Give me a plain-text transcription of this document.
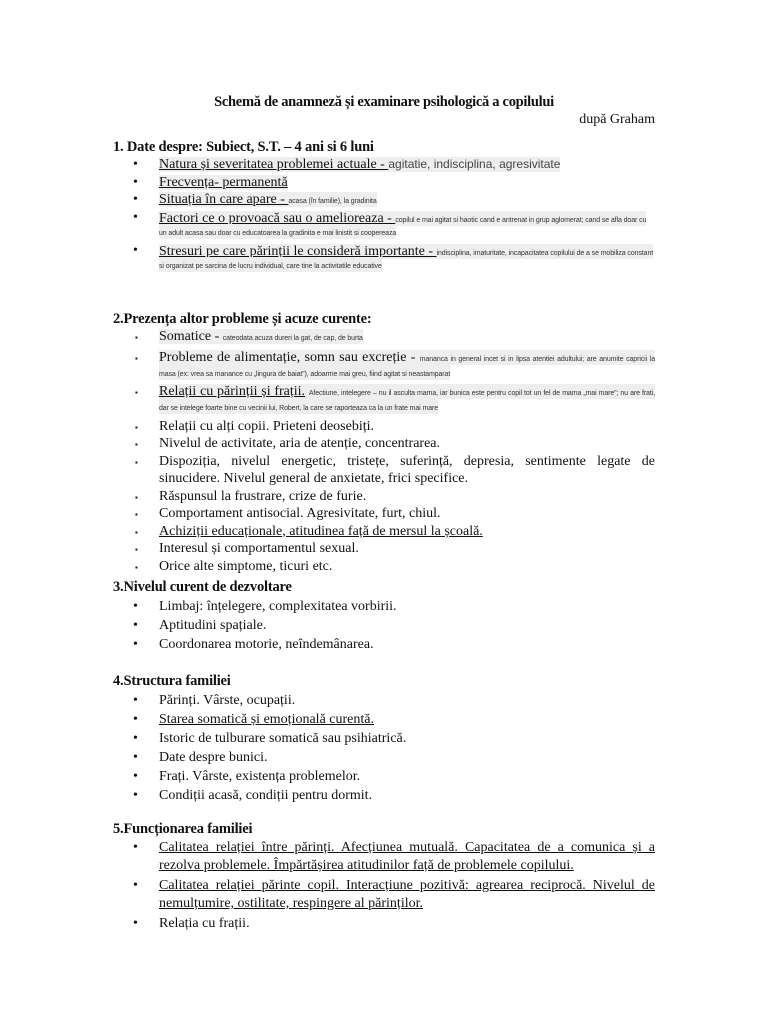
Schemă de anamneză și examinare psihologică a copilului
după Graham
1. Date despre: Subiect, S.T. – 4 ani si 6 luni
• Natura și severitatea problemei actuale - agitatie, indisciplina, agresivitate
• Frecvența- permanentă
• Situația în care apare - acasa (în familie), la gradinita
• Factori ce o provoacă sau o amelioreaza - copilul e mai agitat si haotic cand e antrenat in grup aglomerat; cand se afla doar cu un adult acasa sau doar cu educatoarea la gradinita e mai linistit si coopereaza
• Stresuri pe care părinții le consideră importante - indisciplina, imaturitate, incapacitatea copilului de a se mobiliza constant si organizat pe sarcina de lucru individual, care tine la activitatile educative
2.Prezența altor probleme și acuze curente:
▪ Somatice - cateodata acuza dureri la gat, de cap, de burta
▪ Probleme de alimentație, somn sau excreție - mananca in general incet si in lipsa atentiei adultului; are anumite capricii la masa (ex: vrea sa manance cu „lingura de baiat”), adoarme mai greu, fiind agitat si neastamparat
▪ Relații cu părinții și frații. Afectiune, intelegere – nu il asculta mama, iar bunica este pentru copil tot un fel de mama „mai mare”; nu are frati, dar se intelege foarte bine cu vecinii lui, Robert, la care se raporteaza ca la un frate mai mare
▪ Relații cu alți copii. Prieteni deosebiți.
▪ Nivelul de activitate, aria de atenție, concentrarea.
▪ Dispoziția, nivelul energetic, tristețe, suferință, depresia, sentimente legate de sinucidere. Nivelul general de anxietate, frici specifice.
▪ Răspunsul la frustrare, crize de furie.
▪ Comportament antisocial. Agresivitate, furt, chiul.
▪ Achiziții educaționale, atitudinea față de mersul la școală.
▪ Interesul și comportamentul sexual.
▪ Orice alte simptome, ticuri etc.
3.Nivelul curent de dezvoltare
• Limbaj: înțelegere, complexitatea vorbirii.
• Aptitudini spațiale.
• Coordonarea motorie, neîndemânarea.
4.Structura familiei
• Părinți. Vârste, ocupații.
• Starea somatică și emoțională curentă.
• Istoric de tulburare somatică sau psihiatrică.
• Date despre bunici.
• Frați. Vârste, existența problemelor.
• Condiții acasă, condiții pentru dormit.
5.Funcționarea familiei
• Calitatea relației între părinți. Afecțiunea mutuală. Capacitatea de a comunica și a rezolva problemele. Împărtășirea atitudinilor față de problemele copilului.
• Calitatea relației părinte copil. Interacțiune pozitivă: agrearea reciprocă. Nivelul de nemulțumire, ostilitate, respingere al părinților.
• Relația cu frații.
